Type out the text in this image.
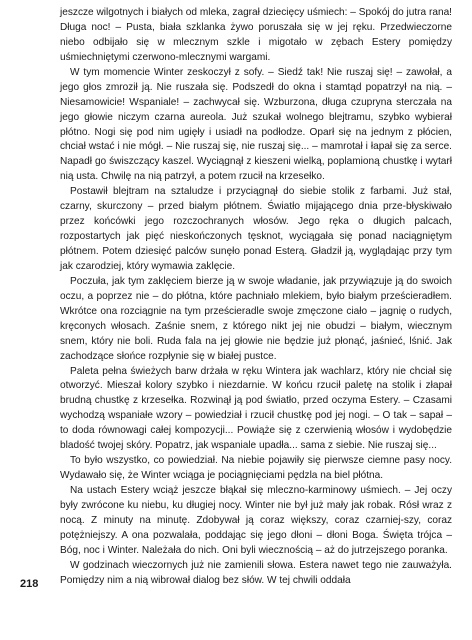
jeszcze wilgotnych i białych od mleka, zagrał dziecięcy uśmiech: – Spokój do jutra rana! Długa noc! – Pusta, biała szklanka żywo poruszała się w jej ręku. Przedwieczorne niebo odbijało się w mlecznym szkle i migotało w zębach Estery pomiędzy uśmiechniętymi czerwono-mlecznymi wargami.

W tym momencie Winter zeskoczył z sofy. – Siedź tak! Nie ruszaj się! – zawołał, a jego głos zmroził ją. Nie ruszała się. Podszedł do okna i stamtąd popatrzył na nią. – Niesamowicie! Wspaniale! – zachwycał się. Wzburzona, długa czupryna sterczała na jego głowie niczym czarna aureola. Już szukał wolnego blejtramu, szybko wybierał płótno. Nogi się pod nim ugięły i usiadł na podłodze. Oparł się na jednym z płócien, chciał wstać i nie mógł. – Nie ruszaj się, nie ruszaj się... – mamrotał i łapał się za serce. Napadł go świszczący kaszel. Wyciągnął z kieszeni wielką, poplamioną chustkę i wytarł nią usta. Chwilę na nią patrzył, a potem rzucił na krzesełko.

Postawił blejtram na sztaludze i przyciągnął do siebie stolik z farbami. Już stał, czarny, skurczony – przed białym płótnem. Światło mijającego dnia prze-błyskiwało przez końcówki jego rozczochranych włosów. Jego ręka o długich palcach, rozpostartych jak pięć nieskończonych tęsknot, wyciągała się ponad naciągniętym płótnem. Potem dziesięć palców sunęło ponad Esterą. Gładził ją, wyglądając przy tym jak czarodziej, który wymawia zaklęcie.

Poczuła, jak tym zaklęciem bierze ją w swoje władanie, jak przywiązuje ją do swoich oczu, a poprzez nie – do płótna, które pachniało mlekiem, było białym prześcieradłem. Wkrótce ona rozciągnie na tym prześcieradle swoje zmęczone ciało – jagnię o rudych, kręconych włosach. Zaśnie snem, z którego nikt jej nie obudzi – białym, wiecznym snem, który nie boli. Ruda fala na jej głowie nie będzie już płonąć, jaśnieć, lśnić. Jak zachodzące słońce rozpłynie się w białej pustce.

Paleta pełna świeżych barw drżała w ręku Wintera jak wachlarz, który nie chciał się otworzyć. Mieszał kolory szybko i niezdarnie. W końcu rzucił paletę na stolik i złapał brudną chustkę z krzesełka. Rozwinął ją pod światło, przed oczyma Estery. – Czasami wychodzą wspaniałe wzory – powiedział i rzucił chustkę pod jej nogi. – O tak – sapał – to doda równowagi całej kompozycji... Powiąże się z czerwienią włosów i wydobędzie bladość twojej skóry. Popatrz, jak wspaniale upadła... sama z siebie. Nie ruszaj się...

To było wszystko, co powiedział. Na niebie pojawiły się pierwsze ciemne pasy nocy. Wydawało się, że Winter wciąga je pociągnięciami pędzla na biel płótna.

Na ustach Estery wciąż jeszcze błąkał się mleczno-karminowy uśmiech. – Jej oczy były zwrócone ku niebu, ku długiej nocy. Winter nie był już mały jak robak. Rósł wraz z nocą. Z minuty na minutę. Zdobywał ją coraz większy, coraz czarniej-szy, coraz potężniejszy. A ona pozwalała, poddając się jego dłoni – dłoni Boga. Święta trójca – Bóg, noc i Winter. Należała do nich. Oni byli wiecznością – aż do jutrzejszego poranka.

W godzinach wieczornych już nie zamienili słowa. Estera nawet tego nie zauważyła. Pomiędzy nim a nią wibrował dialog bez słów. W tej chwili oddała

218
